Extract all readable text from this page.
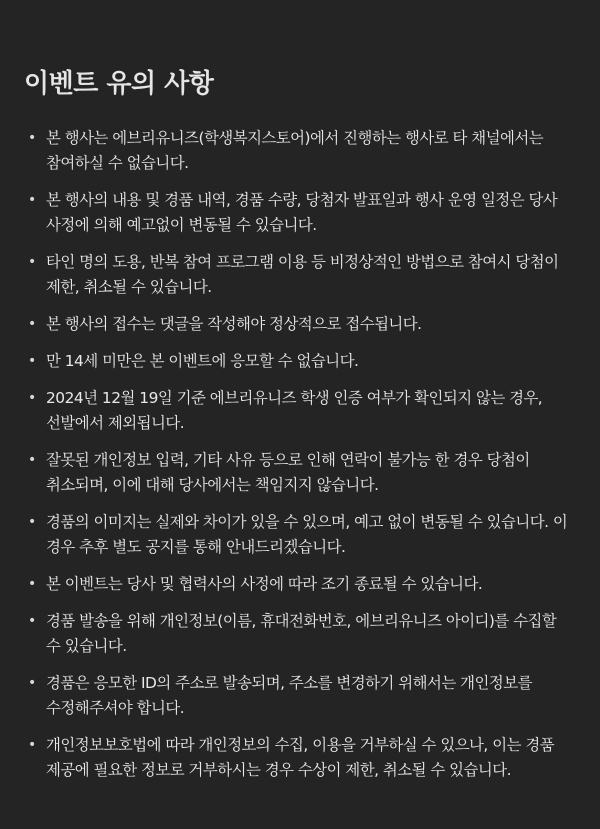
이벤트 유의 사항
• 본 행사는 에브리유니즈(학생복지스토어)에서 진행하는 행사로 타 채널에서는 참여하실 수 없습니다.
• 본 행사의 내용 및 경품 내역, 경품 수량, 당첨자 발표일과 행사 운영 일정은 당사 사정에 의해 예고없이 변동될 수 있습니다.
• 타인 명의 도용, 반복 참여 프로그램 이용 등 비정상적인 방법으로 참여시 당첨이 제한, 취소될 수 있습니다.
• 본 행사의 접수는 댓글을 작성해야 정상적으로 접수됩니다.
• 만 14세 미만은 본 이벤트에 응모할 수 없습니다.
• 2024년 12월 19일 기준 에브리유니즈 학생 인증 여부가 확인되지 않는 경우, 선발에서 제외됩니다.
• 잘못된 개인정보 입력, 기타 사유 등으로 인해 연락이 불가능 한 경우 당첨이 취소되며, 이에 대해 당사에서는 책임지지 않습니다.
• 경품의 이미지는 실제와 차이가 있을 수 있으며, 예고 없이 변동될 수 있습니다. 이 경우 추후 별도 공지를 통해 안내드리겠습니다.
• 본 이벤트는 당사 및 협력사의 사정에 따라 조기 종료될 수 있습니다.
• 경품 발송을 위해 개인정보(이름, 휴대전화번호, 에브리유니즈 아이디)를 수집할 수 있습니다.
• 경품은 응모한 ID의 주소로 발송되며, 주소를 변경하기 위해서는 개인정보를 수정해주셔야 합니다.
• 개인정보보호법에 따라 개인정보의 수집, 이용을 거부하실 수 있으나, 이는 경품 제공에 필요한 정보로 거부하시는 경우 수상이 제한, 취소될 수 있습니다.
